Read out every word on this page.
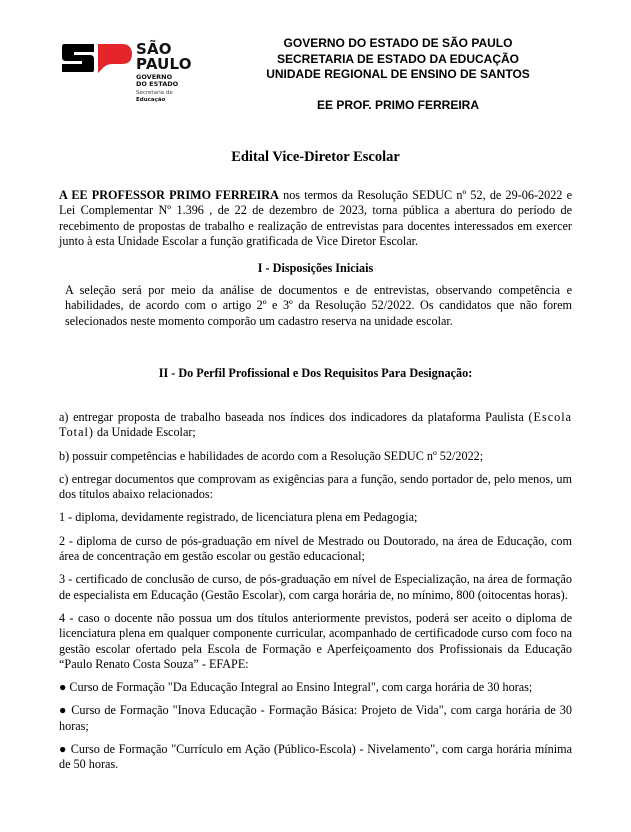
SÃO
PAULO
GOVERNO
DO ESTADO
Secretaria de
Educação
GOVERNO DO ESTADO DE SÃO PAULO
SECRETARIA DE ESTADO DA EDUCAÇÃO
UNIDADE REGIONAL DE ENSINO DE SANTOS
EE PROF. PRIMO FERREIRA
Edital Vice-Diretor Escolar
A EE PROFESSOR PRIMO FERREIRA nos termos da Resolução SEDUC nº 52, de 29-06-2022 e Lei Complementar Nº 1.396 , de 22 de dezembro de 2023, torna pública a abertura do período de recebimento de propostas de trabalho e realização de entrevistas para docentes interessados em exercer junto à esta Unidade Escolar a função gratificada de Vice Diretor Escolar.
I - Disposições Iniciais
A seleção será por meio da análise de documentos e de entrevistas, observando competência e habilidades, de acordo com o artigo 2º e 3º da Resolução 52/2022. Os candidatos que não forem selecionados neste momento comporão um cadastro reserva na unidade escolar.
II - Do Perfil Profissional e Dos Requisitos Para Designação:

a) entregar proposta de trabalho baseada nos índices dos indicadores da plataforma Paulista (Escola Total) da Unidade Escolar;

b) possuir competências e habilidades de acordo com a Resolução SEDUC nº 52/2022;

c) entregar documentos que comprovam as exigências para a função, sendo portador de, pelo menos, um dos títulos abaixo relacionados:

1 - diploma, devidamente registrado, de licenciatura plena em Pedagogia;

2 - diploma de curso de pós-graduação em nível de Mestrado ou Doutorado, na área de Educação, com área de concentração em gestão escolar ou gestão educacional;

3 - certificado de conclusão de curso, de pós-graduação em nível de Especialização, na área de formação de especialista em Educação (Gestão Escolar), com carga horária de, no mínimo, 800 (oitocentas horas).

4 - caso o docente não possua um dos títulos anteriormente previstos, poderá ser aceito o diploma de licenciatura plena em qualquer componente curricular, acompanhado de certificadode curso com foco na gestão escolar ofertado pela Escola de Formação e Aperfeiçoamento dos Profissionais da Educação “Paulo Renato Costa Souza” - EFAPE:

● Curso de Formação "Da Educação Integral ao Ensino Integral", com carga horária de 30 horas;

● Curso de Formação "Inova Educação - Formação Básica: Projeto de Vida", com carga horária de 30 horas;

● Curso de Formação "Currículo em Ação (Público-Escola) - Nivelamento", com carga horária mínima de 50 horas.
